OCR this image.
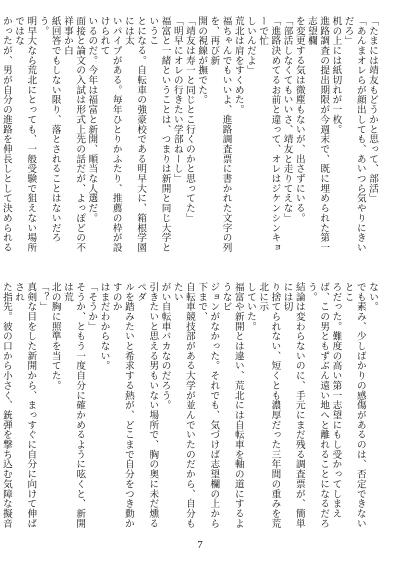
「たまには靖友もどうかと思って、部活」
「あんまオレらが顔出しても、あいつら気やりにきいだろ」
机の上には紙切れが一枚。
進路調査の提出期限が今週末で、既に埋められた第一志望欄
を変更する気は微塵もないが、出さずにいる。
「部活しなくてもいいさ、靖友と走りてえな」
「進路決めてるお前と違って、オレはジケンシンキョーで忙
しいんだよ」
荒北は肩をすくめた。
福ちゃんでもいいよ、進路調査票に書かれた文字の列を、再び新
開の視線が撫でた。
「靖友は寿一と同じとこ行くのかと思ってた」
「明早にオレの行きたい学部ねーし」
福富と一緒ということは、つまりは新開と同じ大学というこ
とになる。自転車の強豪校である明早大に、箱根学園には太
いパイプがある。毎年ひとりかふたり、推薦の枠が設けられて
いるのだ。今年は福富と新開、順当な人選だ。
面接と論文の入試は形式上先の話だが、よっぽどの不祥事か白
紙回答でもしない限り、落とされることはないだろう。
明早大なら荒北にとっても、一般受験で狙えない場所ではな
かったが、男が自分の進路を伸長しとして決められる
ない。
でも素み、少しばかりの感傷があるのは、否定できないとこ
ろだった。難度の高い第一志望にもし受かってしまえ
ば、この男ともずぶん遠い地へと離れることになるだろう。
結論は変わらないのに、手元にまだ残る調査票が、簡単には切
り捨てられない、短くとも濃厚だった三年間の重みを荒北に示
していた。
福富や新開とは違い、荒北には自転車を軸の道にするようなビ
ジョンがなかった。それでも、気づけば志望欄の上から下まで、
自転車競技部がある大学が並んでいたのだから、自分もたい
がい自転車バカなのだろう。
引きたいと思える男もいない場所で、胸の奥に未だ燻るペダ
ルを踏みたいと希求する熱が、どこまで自分をつき動かすのか
はまだわからない。
「そうか」
そうか、ともう一度自分に確かめるように呟くと、新開は荒
北の胸に照準を当てた。
「？」
真剣な目をした新開から、まっすぐに自分に向けて伸ばされ
た指先。彼の口から小さく、銃弾を撃ち込む気障な擬音
7
